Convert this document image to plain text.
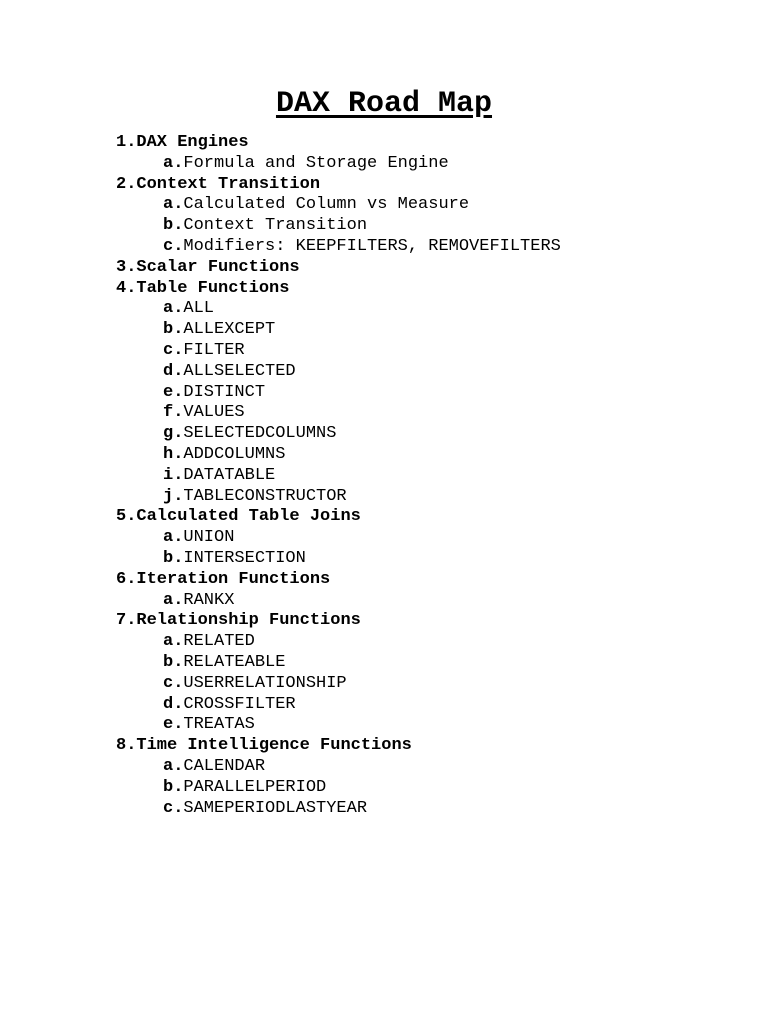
DAX Road Map
1.DAX Engines
a.Formula and Storage Engine
2.Context Transition
a.Calculated Column vs Measure
b.Context Transition
c.Modifiers: KEEPFILTERS, REMOVEFILTERS
3.Scalar Functions
4.Table Functions
a.ALL
b.ALLEXCEPT
c.FILTER
d.ALLSELECTED
e.DISTINCT
f.VALUES
g.SELECTEDCOLUMNS
h.ADDCOLUMNS
i.DATATABLE
j.TABLECONSTRUCTOR
5.Calculated Table Joins
a.UNION
b.INTERSECTION
6.Iteration Functions
a.RANKX
7.Relationship Functions
a.RELATED
b.RELATEABLE
c.USERRELATIONSHIP
d.CROSSFILTER
e.TREATAS
8.Time Intelligence Functions
a.CALENDAR
b.PARALLELPERIOD
c.SAMEPERIODLASTYEAR
